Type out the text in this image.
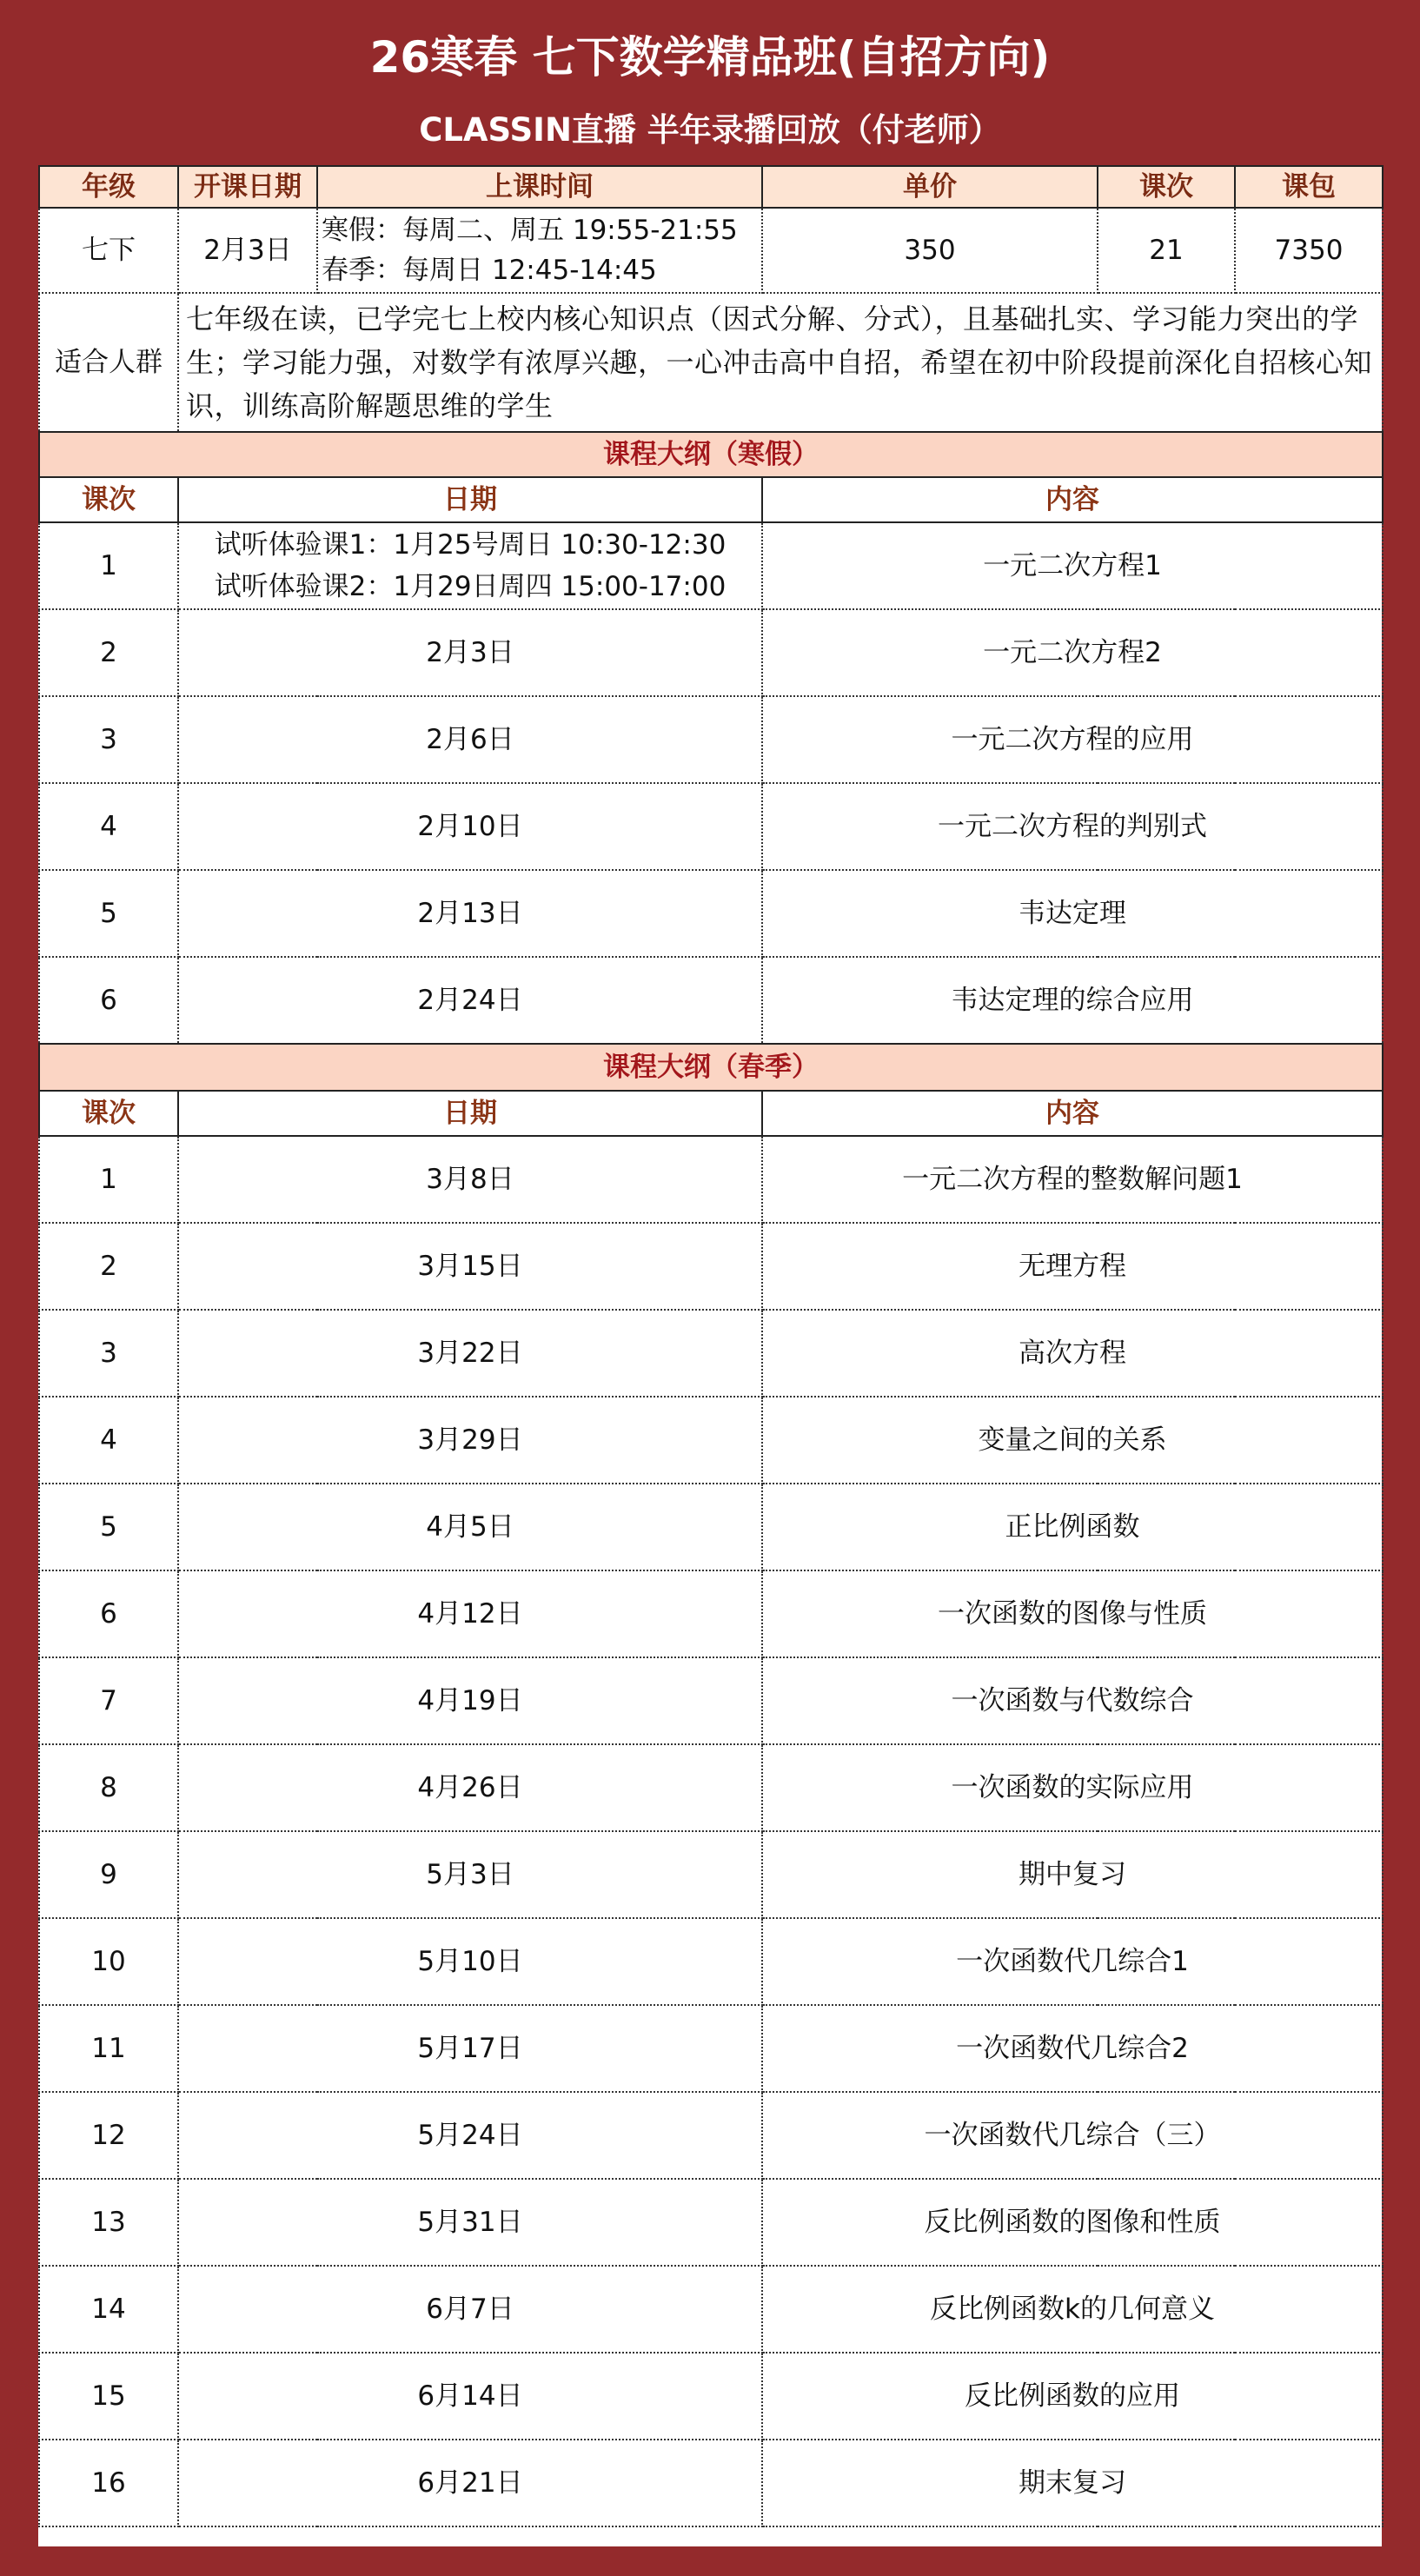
26寒春 七下数学精品班(自招方向)
CLASSIN直播 半年录播回放（付老师）
年级	开课日期	上课时间	单价	课次	课包
七下	2月3日	寒假：每周二、周五 19:55-21:55
春季：每周日 12:45-14:45	350	21	7350
适合人群	七年级在读，已学完七上校内核心知识点（因式分解、分式），且基础扎实、学习能力突出的学生；学习能力强，对数学有浓厚兴趣，一心冲击高中自招，希望在初中阶段提前深化自招核心知识，训练高阶解题思维的学生				
课程大纲（寒假）					
课次	日期		内容		
1	试听体验课1：1月25号周日 10:30-12:30
试听体验课2：1月29日周四 15:00-17:00		一元二次方程1		
2	2月3日		一元二次方程2		
3	2月6日		一元二次方程的应用		
4	2月10日		一元二次方程的判别式		
5	2月13日		韦达定理		
6	2月24日		韦达定理的综合应用		
课程大纲（春季）					
课次	日期		内容		
1	3月8日		一元二次方程的整数解问题1		
2	3月15日		无理方程		
3	3月22日		高次方程		
4	3月29日		变量之间的关系		
5	4月5日		正比例函数		
6	4月12日		一次函数的图像与性质		
7	4月19日		一次函数与代数综合		
8	4月26日		一次函数的实际应用		
9	5月3日		期中复习		
10	5月10日		一次函数代几综合1		
11	5月17日		一次函数代几综合2		
12	5月24日		一次函数代几综合（三）		
13	5月31日		反比例函数的图像和性质		
14	6月7日		反比例函数k的几何意义		
15	6月14日		反比例函数的应用		
16	6月21日		期末复习		
